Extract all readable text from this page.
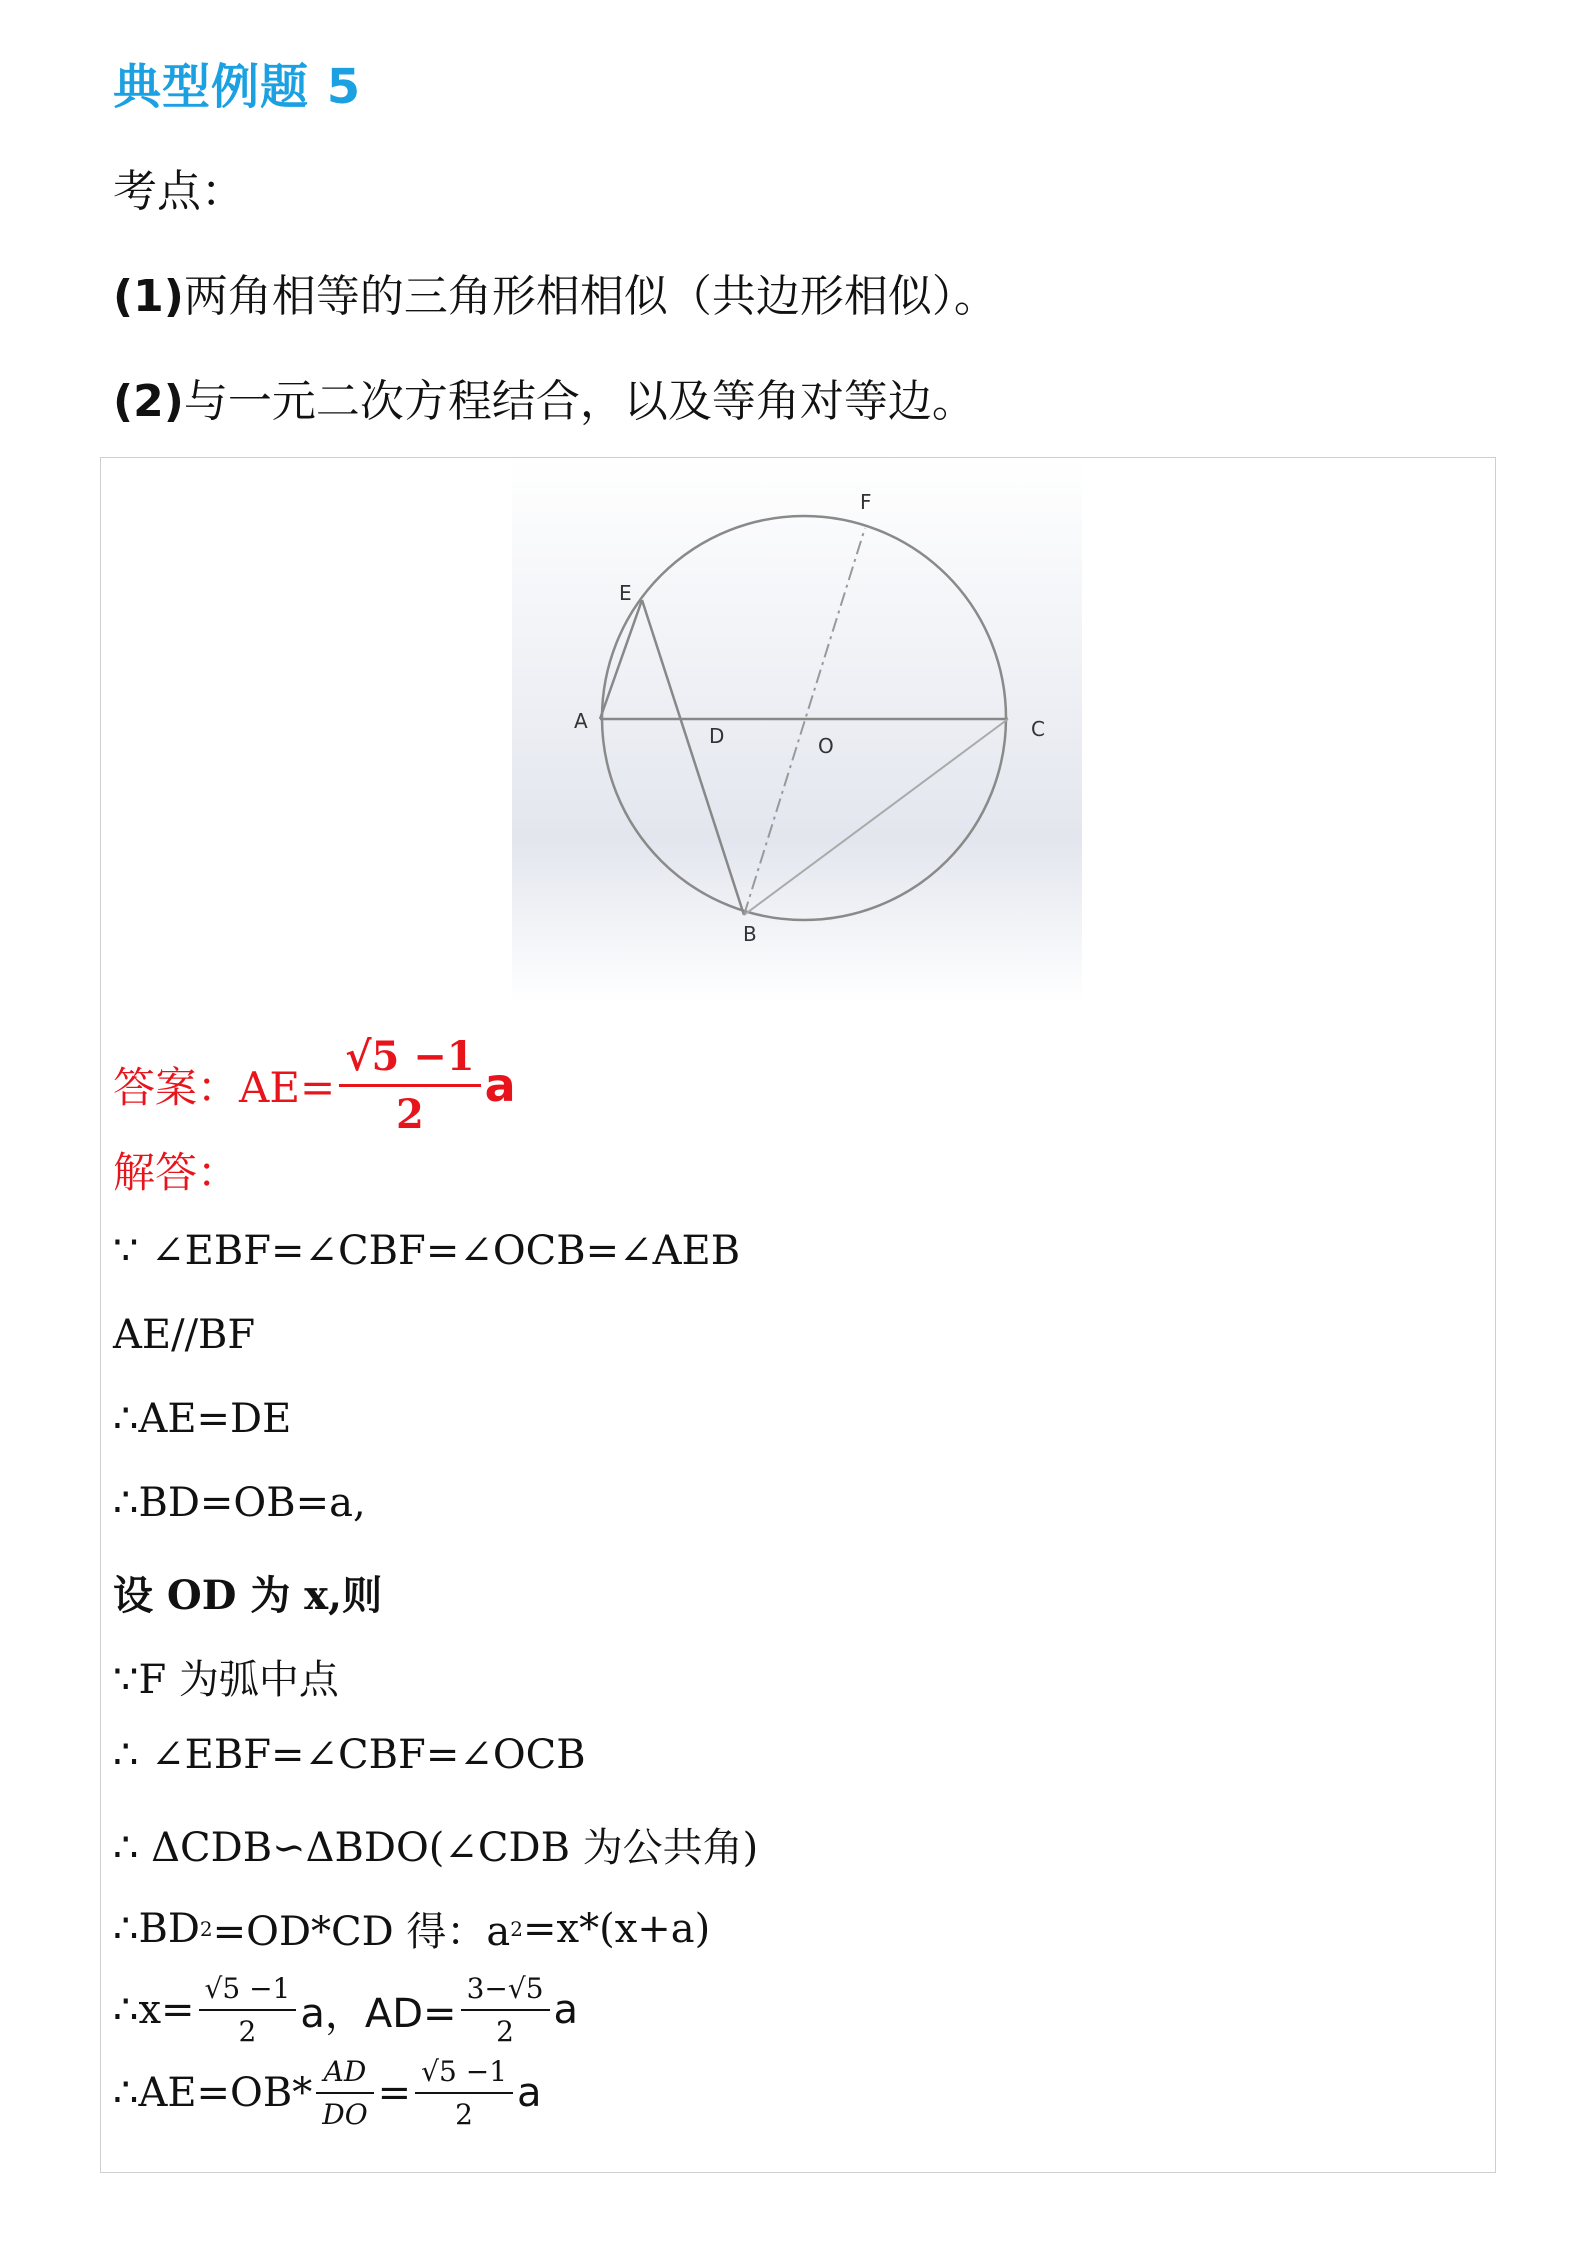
典型例题 5
考点：
(1)两角相等的三角形相相似（共边形相似）。
(2)与一元二次方程结合，以及等角对等边。
F
E
A
D	O
C
B
答案：$AE= \frac{√5 -1}{2}$ a
解答：
∵ ∠EBF=∠CBF=∠OCB=∠AEB
AE//BF
∴AE=DE
∴BD=OB=a,
设 OD 为 x,则
∵F 为弧中点
∴ ∠EBF=∠CBF=∠OCB
∴ ΔCDB∽ΔBDO(∠CDB 为公共角)
∴BD 2 =OD*CD 得：a 2 =x*(x+a)
∴x= $\frac{√5 -1}{2}$ a，$AD= \frac{3-√5}{2}$ a
∴AE=OB* $\frac{AD}{DO} = \frac{√5 -1}{2}$ a
